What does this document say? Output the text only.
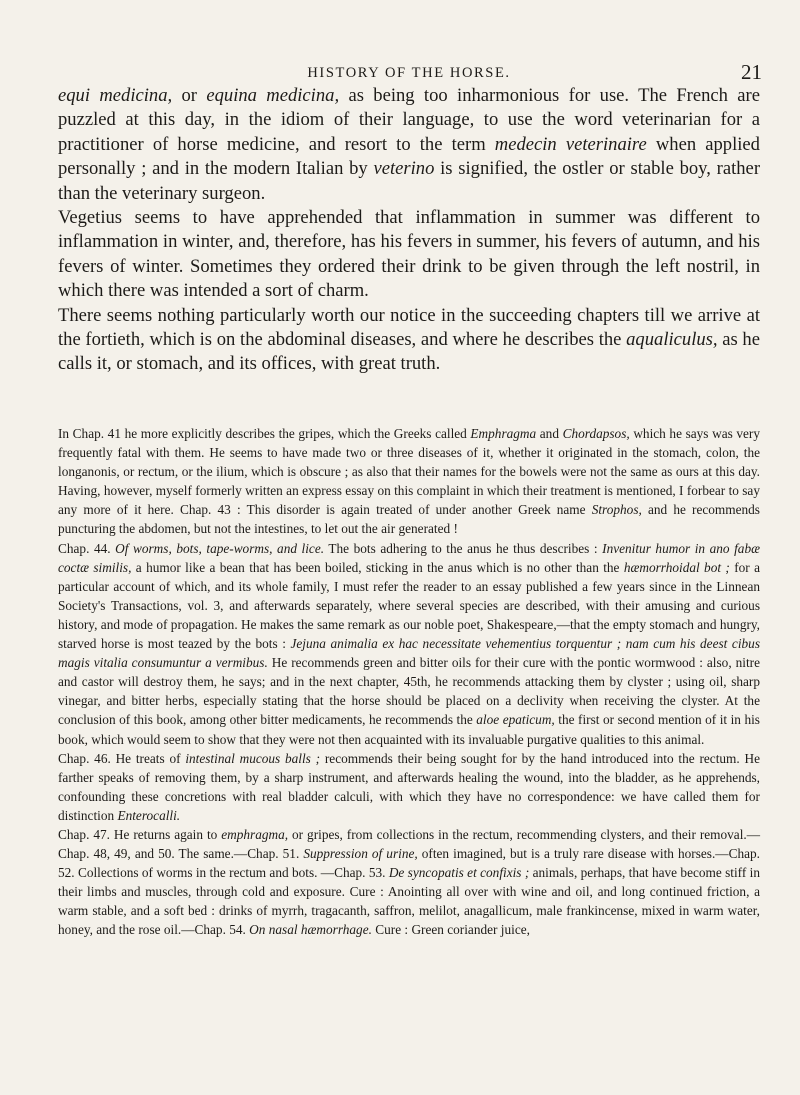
HISTORY OF THE HORSE.	21

equi medicina, or equina medicina, as being too inharmonious for use. The French are puzzled at this day, in the idiom of their language, to use the word veterinarian for a practitioner of horse medicine, and resort to the term medecin veterinaire when applied personally ; and in the modern Italian by veterino is signified, the ostler or stable boy, rather than the veterinary surgeon.

Vegetius seems to have apprehended that inflammation in summer was different to inflammation in winter, and, therefore, has his fevers in summer, his fevers of autumn, and his fevers of winter. Sometimes they ordered their drink to be given through the left nostril, in which there was intended a sort of charm.

There seems nothing particularly worth our notice in the succeeding chapters till we arrive at the fortieth, which is on the abdominal diseases, and where he describes the aqualiculus, as he calls it, or stomach, and its offices, with great truth.

In Chap. 41 he more explicitly describes the gripes, which the Greeks called Emphragma and Chordapsos, which he says was very frequently fatal with them. He seems to have made two or three diseases of it, whether it originated in the stomach, colon, the longanonis, or rectum, or the ilium, which is obscure ; as also that their names for the bowels were not the same as ours at this day. Having, however, myself formerly written an express essay on this complaint in which their treatment is mentioned, I forbear to say any more of it here. Chap. 43 : This disorder is again treated of under another Greek name Strophos, and he recommends puncturing the abdomen, but not the intestines, to let out the air generated !

Chap. 44. Of worms, bots, tape-worms, and lice. The bots adhering to the anus he thus describes : Invenitur humor in ano fabæ coctæ similis, a humor like a bean that has been boiled, sticking in the anus which is no other than the hæmorrhoidal bot ; for a particular account of which, and its whole family, I must refer the reader to an essay published a few years since in the Linnean Society's Transactions, vol. 3, and afterwards separately, where several species are described, with their amusing and curious history, and mode of propagation. He makes the same remark as our noble poet, Shakespeare,—that the empty stomach and hungry, starved horse is most teazed by the bots : Jejuna animalia ex hac necessitate vehementius torquentur ; nam cum his deest cibus magis vitalia consumuntur a vermibus. He recommends green and bitter oils for their cure with the pontic wormwood : also, nitre and castor will destroy them, he says; and in the next chapter, 45th, he recommends attacking them by clyster ; using oil, sharp vinegar, and bitter herbs, especially stating that the horse should be placed on a declivity when receiving the clyster. At the conclusion of this book, among other bitter medicaments, he recommends the aloe epaticum, the first or second mention of it in his book, which would seem to show that they were not then acquainted with its invaluable purgative qualities to this animal.

Chap. 46. He treats of intestinal mucous balls ; recommends their being sought for by the hand introduced into the rectum. He farther speaks of removing them, by a sharp instrument, and afterwards healing the wound, into the bladder, as he apprehends, confounding these concretions with real bladder calculi, with which they have no correspondence: we have called them for distinction Enterocalli.

Chap. 47. He returns again to emphragma, or gripes, from collections in the rectum, recommending clysters, and their removal.—Chap. 48, 49, and 50. The same.—Chap. 51. Suppression of urine, often imagined, but is a truly rare disease with horses.—Chap. 52. Collections of worms in the rectum and bots. —Chap. 53. De syncopatis et confixis ; animals, perhaps, that have become stiff in their limbs and muscles, through cold and exposure. Cure : Anointing all over with wine and oil, and long continued friction, a warm stable, and a soft bed : drinks of myrrh, tragacanth, saffron, melilot, anagallicum, male frankincense, mixed in warm water, honey, and the rose oil.—Chap. 54. On nasal hæmorrhage. Cure : Green coriander juice,
